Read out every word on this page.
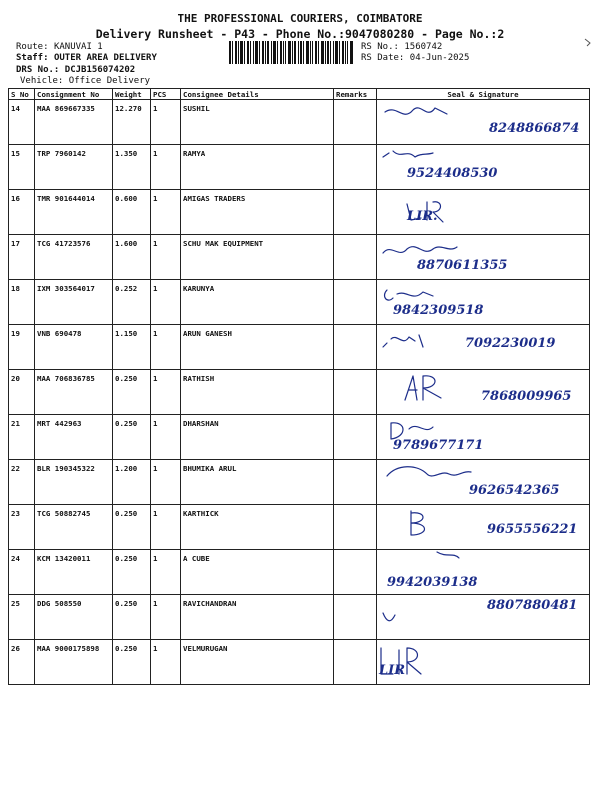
THE PROFESSIONAL COURIERS, COIMBATORE
Delivery Runsheet - P43 - Phone No.:9047080280 - Page No.:2
Route: KANUVAI 1
Staff: OUTER AREA DELIVERY
DRS No.: DCJB156074202
Vehicle: Office Delivery
RS No.: 1560742
RS Date: 04-Jun-2025
S No	Consignment No	Weight	PCS	Consignee Details	Remarks	Seal & Signature
14	MAA 869667335	12.270	1	SUSHIL		8248866874

15	TRP 7960142	1.350	1	RAMYA		9524408530

16	TMR 901644014	0.600	1	AMIGAS TRADERS		LIR.

17	TCG 41723576	1.600	1	SCHU MAK EQUIPMENT		8870611355

18	IXM 303564017	0.252	1	KARUNYA		9842309518

19	VNB 690478	1.150	1	ARUN GANESH		7092230019

20	MAA 706836785	0.250	1	RATHISH		7868009965

21	MRT 442963	0.250	1	DHARSHAN		9789677171

22	BLR 190345322	1.200	1	BHUMIKA ARUL		9626542365

23	TCG 50882745	0.250	1	KARTHICK		9655556221

24	KCM 13420011	0.250	1	A CUBE		9942039138

25	DDG 508550	0.250	1	RAVICHANDRAN		8807880481

26	MAA 9000175898	0.250	1	VELMURUGAN		LIR
